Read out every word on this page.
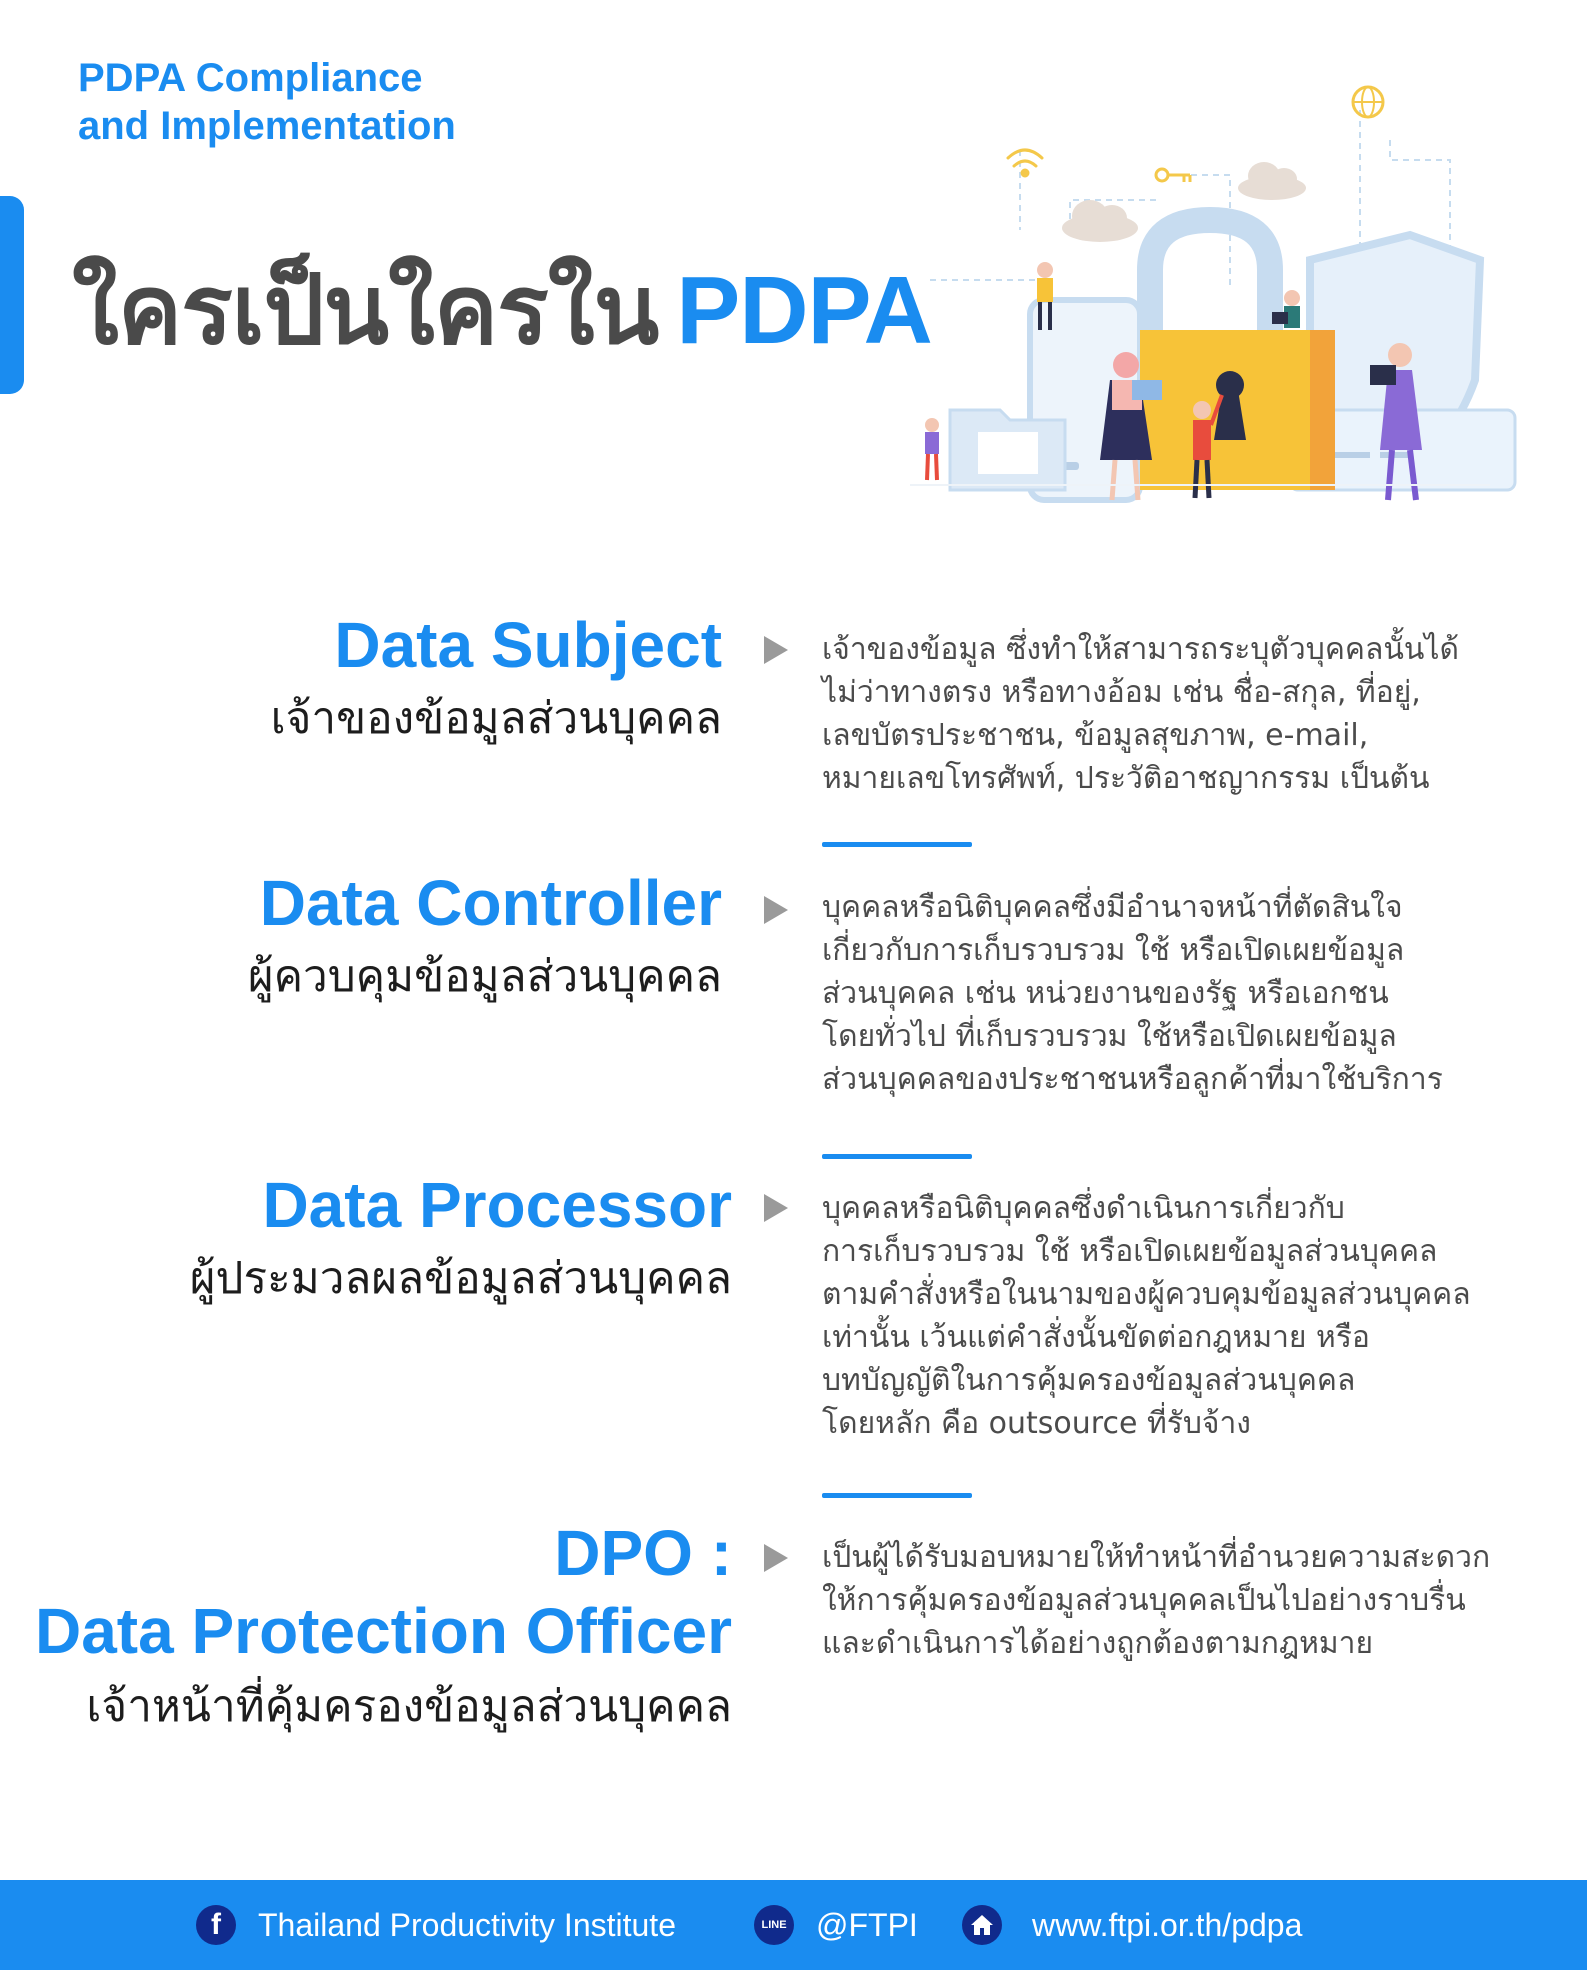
PDPA Compliance
and Implementation
ใครเป็นใครใน PDPA
Data Subject
เจ้าของข้อมูลส่วนบุคคล
เจ้าของข้อมูล ซึ่งทำให้สามารถระบุตัวบุคคลนั้นได้
ไม่ว่าทางตรง หรือทางอ้อม เช่น ชื่อ-สกุล, ที่อยู่,
เลขบัตรประชาชน, ข้อมูลสุขภาพ, e-mail,
หมายเลขโทรศัพท์, ประวัติอาชญากรรม เป็นต้น
Data Controller
ผู้ควบคุมข้อมูลส่วนบุคคล
บุคคลหรือนิติบุคคลซึ่งมีอำนาจหน้าที่ตัดสินใจ
เกี่ยวกับการเก็บรวบรวม ใช้ หรือเปิดเผยข้อมูล
ส่วนบุคคล เช่น หน่วยงานของรัฐ หรือเอกชน
โดยทั่วไป ที่เก็บรวบรวม ใช้หรือเปิดเผยข้อมูล
ส่วนบุคคลของประชาชนหรือลูกค้าที่มาใช้บริการ
Data Processor
ผู้ประมวลผลข้อมูลส่วนบุคคล
บุคคลหรือนิติบุคคลซึ่งดำเนินการเกี่ยวกับ
การเก็บรวบรวม ใช้ หรือเปิดเผยข้อมูลส่วนบุคคล
ตามคำสั่งหรือในนามของผู้ควบคุมข้อมูลส่วนบุคคล
เท่านั้น เว้นแต่คำสั่งนั้นขัดต่อกฎหมาย หรือ
บทบัญญัติในการคุ้มครองข้อมูลส่วนบุคคล
โดยหลัก คือ outsource ที่รับจ้าง
DPO :
Data Protection Officer
เจ้าหน้าที่คุ้มครองข้อมูลส่วนบุคคล
เป็นผู้ได้รับมอบหมายให้ทำหน้าที่อำนวยความสะดวก
ให้การคุ้มครองข้อมูลส่วนบุคคลเป็นไปอย่างราบรื่น
และดำเนินการได้อย่างถูกต้องตามกฎหมาย
f	Thailand Productivity Institute	LINE @FTPI	www.ftpi.or.th/pdpa
